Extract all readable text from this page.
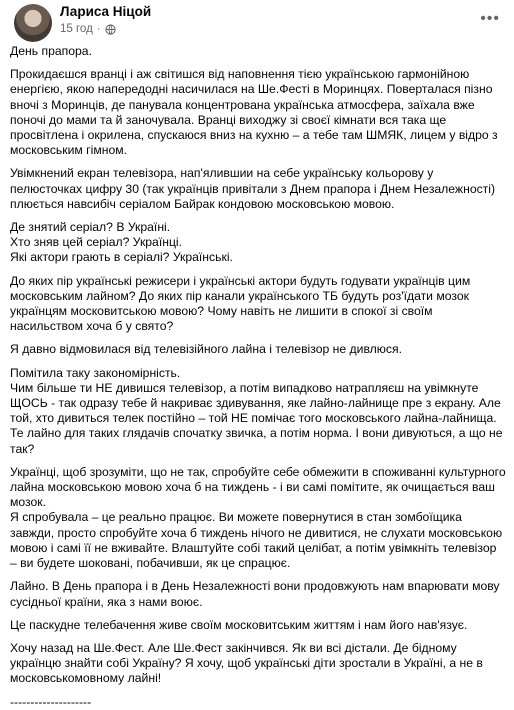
Лариса Ніцой
15 год ·
•••

День прапора.

Прокидаєшся вранці і аж світишся від наповнення тією українською гармонійною енергією, якою напередодні насичилася на Ше.Фесті в Моринцях. Поверталася пізно вночі з Моринців, де панувала концентрована українська атмосфера, заїхала вже поночі до мами та й заночувала. Вранці виходжу зі своєї кімнати вся така ще просвітлена і окрилена, спускаюся вниз на кухню – а тебе там ШМЯК, лицем у відро з московським гімном.

Увімкнений екран телевізора, нап'ялившии на себе українську кольорову у пелюсточках цифру 30 (так українців привітали з Днем прапора і Днем Незалежності) плюється навсибіч серіалом Байрак кондовою московською мовою.

Де знятий серіал? В Україні.
Хто зняв цей серіал? Українці.
Які актори грають в серіалі? Українські.

До яких пір українські режисери і українські актори будуть годувати українців цим московським лайном? До яких пір канали українського ТБ будуть роз'їдати мозок українцям московитською мовою? Чому навіть не лишити в спокої зі своїм насильством хоча б у свято?

Я давно відмовилася від телевізійного лайна і телевізор не дивлюся.

Помітила таку закономірність.
Чим більше ти НЕ дивишся телевізор, а потім випадково натрапляєш на увімкнуте ЩОСЬ - так одразу тебе й накриває здивування, яке лайно-лайнище пре з екрану. Але той, хто дивиться телек постійно – той НЕ помічає того московського лайна-лайнища. Те лайно для таких глядачів спочатку звичка, а потім норма. І вони дивуються, а що не так?

Українці, щоб зрозуміти, що не так, спробуйте себе обмежити в споживанні культурного лайна московською мовою хоча б на тиждень - і ви самі помітите, як очищається ваш мозок.
Я спробувала – це реально працює. Ви можете повернутися в стан зомбоїщика завжди, просто спробуйте хоча б тиждень нічого не дивитися, не слухати московською мовою і самі її не вживайте. Влаштуйте собі такий целібат, а потім увімкніть телевізор – ви будете шоковані, побачивши, як це спрацює.

Лайно. В День прапора і в День Незалежності вони продовжують нам впарювати мову сусідньої країни, яка з нами воює.

Це паскудне телебачення живе своїм московитським життям і нам його нав'язує.

Хочу назад на Ше.Фест. Але Ше.Фест закінчився. Як ви всі дістали. Де бідному українцю знайти собі Україну? Я хочу, щоб українські діти зростали в Україні, а не в московськомовному лайні!

--------------------
